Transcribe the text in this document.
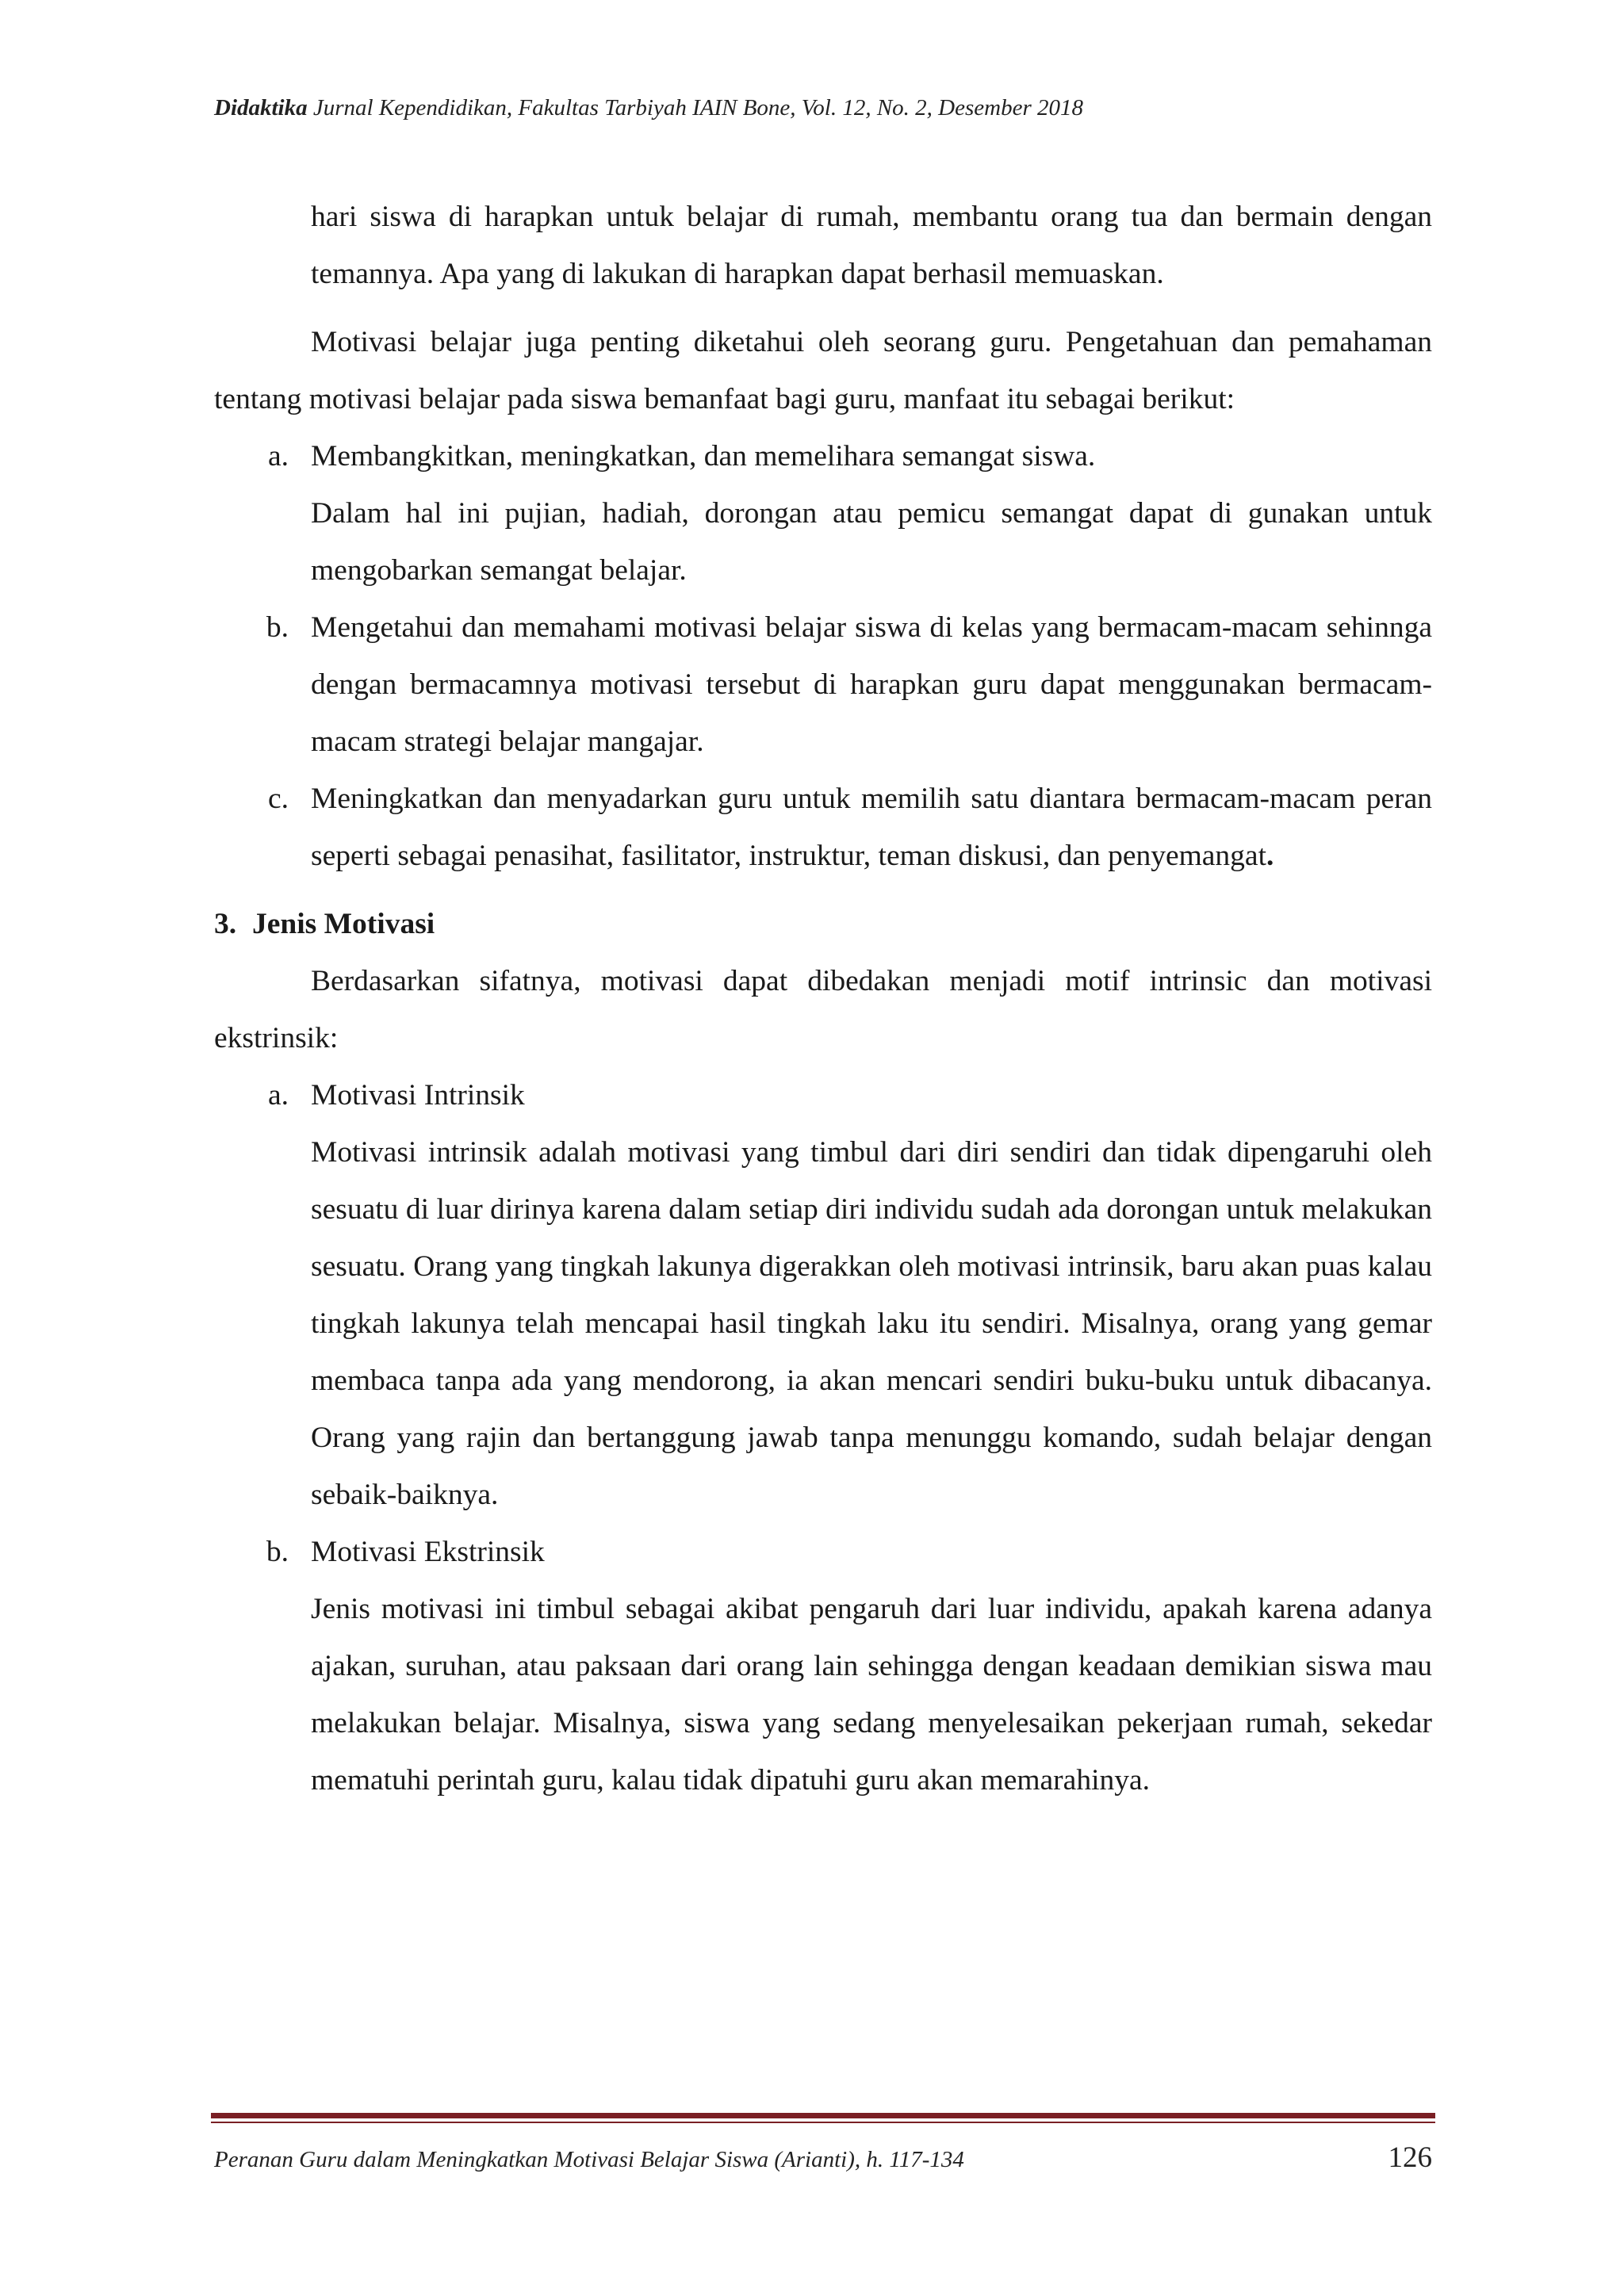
Didaktika Jurnal Kependidikan, Fakultas Tarbiyah IAIN Bone, Vol. 12, No. 2, Desember 2018

hari siswa di harapkan untuk belajar di rumah, membantu orang tua dan bermain dengan temannya. Apa yang di lakukan di harapkan dapat berhasil memuaskan.

Motivasi belajar juga penting diketahui oleh seorang guru. Pengetahuan dan pemahaman tentang motivasi belajar pada siswa bemanfaat bagi guru, manfaat itu sebagai berikut:

a. Membangkitkan, meningkatkan, dan memelihara semangat siswa.
Dalam hal ini pujian, hadiah, dorongan atau pemicu semangat dapat di gunakan untuk mengobarkan semangat belajar.
b. Mengetahui dan memahami motivasi belajar siswa di kelas yang bermacam-macam sehinnga dengan bermacamnya motivasi tersebut di harapkan guru dapat menggunakan bermacam-macam strategi belajar mangajar.
c. Meningkatkan dan menyadarkan guru untuk memilih satu diantara bermacam-macam peran seperti sebagai penasihat, fasilitator, instruktur, teman diskusi, dan penyemangat.
3. Jenis Motivasi

Berdasarkan sifatnya, motivasi dapat dibedakan menjadi motif intrinsic dan motivasi ekstrinsik:

a. Motivasi Intrinsik

Motivasi intrinsik adalah motivasi yang timbul dari diri sendiri dan tidak dipengaruhi oleh sesuatu di luar dirinya karena dalam setiap diri individu sudah ada dorongan untuk melakukan sesuatu. Orang yang tingkah lakunya digerakkan oleh motivasi intrinsik, baru akan puas kalau tingkah lakunya telah mencapai hasil tingkah laku itu sendiri. Misalnya, orang yang gemar membaca tanpa ada yang mendorong, ia akan mencari sendiri buku-buku untuk dibacanya. Orang yang rajin dan bertanggung jawab tanpa menunggu komando, sudah belajar dengan sebaik-baiknya.

b. Motivasi Ekstrinsik

Jenis motivasi ini timbul sebagai akibat pengaruh dari luar individu, apakah karena adanya ajakan, suruhan, atau paksaan dari orang lain sehingga dengan keadaan demikian siswa mau melakukan belajar. Misalnya, siswa yang sedang menyelesaikan pekerjaan rumah, sekedar mematuhi perintah guru, kalau tidak dipatuhi guru akan memarahinya.

Peranan Guru dalam Meningkatkan Motivasi Belajar Siswa (Arianti), h. 117-134	126
